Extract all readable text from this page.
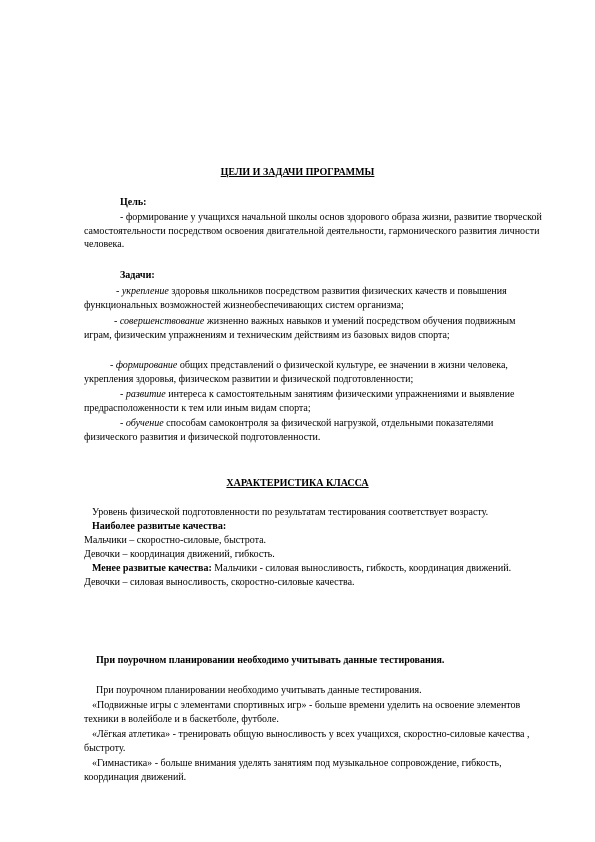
ЦЕЛИ И ЗАДАЧИ ПРОГРАММЫ
Цель:

- формирование у учащихся начальной школы основ здорового образа жизни, развитие творческой самостоятельности посредством освоения двигательной деятельности, гармонического развития личности человека.

Задачи:

- укрепление здоровья школьников посредством развития физических качеств и повышения функциональных возможностей жизнеобеспечивающих систем организма;

- совершенствование жизненно важных навыков и умений посредством обучения подвижным играм, физическим упражнениям и техническим действиям из базовых видов спорта;

- формирование общих представлений о физической культуре, ее значении в жизни человека, укрепления здоровья, физическом развитии и физической подготовленности;

- развитие интереса к самостоятельным занятиям физическими упражнениями и выявление предрасположенности к тем или иным видам спорта;

- обучение способам самоконтроля за физической нагрузкой, отдельными показателями физического развития и физической подготовленности.

ХАРАКТЕРИСТИКА КЛАССА
Уровень физической подготовленности по результатам тестирования соответствует возрасту.
Наиболее развитые качества:
Мальчики – скоростно-силовые, быстрота.
Девочки – координация движений, гибкость.
Менее развитые качества: Мальчики - силовая выносливость, гибкость, координация движений.
Девочки – силовая выносливость, скоростно-силовые качества.
При поурочном планировании необходимо учитывать данные тестирования.
При поурочном планировании необходимо учитывать данные тестирования.
«Подвижные игры с элементами спортивных игр» - больше времени уделить на освоение элементов техники в волейболе и в баскетболе, футболе.
«Лёгкая атлетика» - тренировать общую выносливость у всех учащихся, скоростно-силовые качества , быстроту.
«Гимнастика» - больше внимания уделять занятиям под музыкальное сопровождение, гибкость, координация движений.
